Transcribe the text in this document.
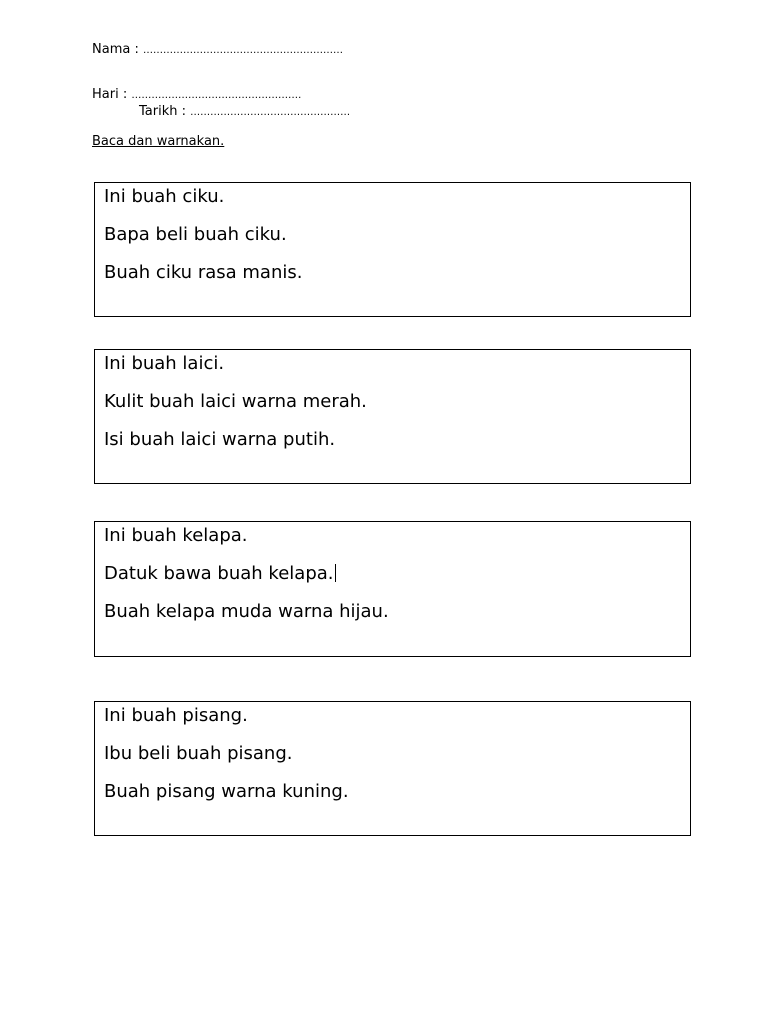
Nama : ……………………………………………………
Hari : ……………………………………………
Tarikh : …………………………………………
Baca dan warnakan.
Ini buah ciku.
Bapa beli buah ciku.
Buah ciku rasa manis.
Ini buah laici.
Kulit buah laici warna merah.
Isi buah laici warna putih.
Ini buah kelapa.
Datuk bawa buah kelapa.
Buah kelapa muda warna hijau.
Ini buah pisang.
Ibu beli buah pisang.
Buah pisang warna kuning.
